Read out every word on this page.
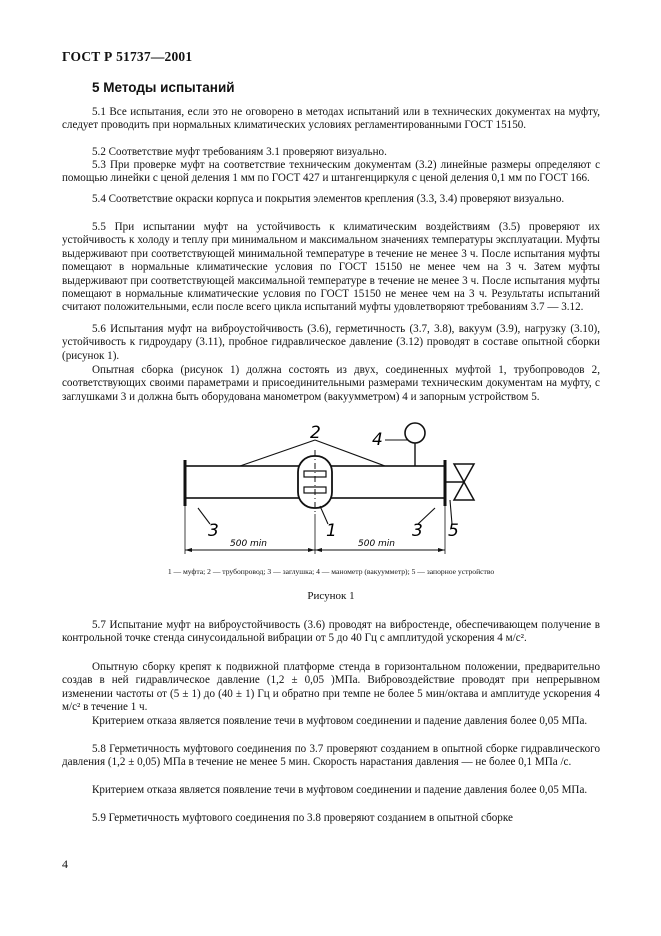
ГОСТ Р 51737—2001
5 Методы испытаний

5.1 Все испытания, если это не оговорено в методах испытаний или в технических документах на муфту, следует проводить при нормальных климатических условиях регламентированными ГОСТ 15150.

5.2 Соответствие муфт требованиям 3.1 проверяют визуально.

5.3 При проверке муфт на соответствие техническим документам (3.2) линейные размеры определяют с помощью линейки с ценой деления 1 мм по ГОСТ 427 и штангенциркуля с ценой деления 0,1 мм по ГОСТ 166.

5.4 Соответствие окраски корпуса и покрытия элементов крепления (3.3, 3.4) проверяют визуально.

5.5 При испытании муфт на устойчивость к климатическим воздействиям (3.5) проверяют их устойчивость к холоду и теплу при минимальном и максимальном значениях температуры эксплуатации. Муфты выдерживают при соответствующей минимальной температуре в течение не менее 3 ч. После испытания муфты помещают в нормальные климатические условия по ГОСТ 15150 не менее чем на 3 ч. Затем муфты выдерживают при соответствующей максимальной температуре в течение не менее 3 ч. После испытания муфты помещают в нормальные климатические условия по ГОСТ 15150 не менее чем на 3 ч. Результаты испытаний считают положительными, если после всего цикла испытаний муфты удовлетворяют требованиям 3.7 — 3.12.

5.6 Испытания муфт на виброустойчивость (3.6), герметичность (3.7, 3.8), вакуум (3.9), нагрузку (3.10), устойчивость к гидроудару (3.11), пробное гидравлическое давление (3.12) проводят в составе опытной сборки (рисунок 1).

Опытная сборка (рисунок 1) должна состоять из двух, соединенных муфтой 1, трубопроводов 2, соответствующих своими параметрами и присоединительными размерами техническим документам на муфту, с заглушками 3 и должна быть оборудована манометром (вакуумметром) 4 и запорным устройством 5.

2	4
3	1	3 5
500 min	500 min
1 — муфта; 2 — трубопровод; 3 — заглушка; 4 — манометр (вакуумметр); 5 — запорное устройство
Рисунок 1

5.7 Испытание муфт на виброустойчивость (3.6) проводят на вибростенде, обеспечивающем получение в контрольной точке стенда синусоидальной вибрации от 5 до 40 Гц с амплитудой ускорения 4 м/с².

Опытную сборку крепят к подвижной платформе стенда в горизонтальном положении, предварительно создав в ней гидравлическое давление (1,2 ± 0,05 )МПа. Вибровоздействие проводят при непрерывном изменении частоты от (5 ± 1) до (40 ± 1) Гц и обратно при темпе не более 5 мин/октава и амплитуде ускорения 4 м/с² в течение 1 ч.

Критерием отказа является появление течи в муфтовом соединении и падение давления более 0,05 МПа.

5.8 Герметичность муфтового соединения по 3.7 проверяют созданием в опытной сборке гидравлического давления (1,2 ± 0,05) МПа в течение не менее 5 мин. Скорость нарастания давления — не более 0,1 МПа /с.

Критерием отказа является появление течи в муфтовом соединении и падение давления более 0,05 МПа.

5.9 Герметичность муфтового соединения по 3.8 проверяют созданием в опытной сборке

4
